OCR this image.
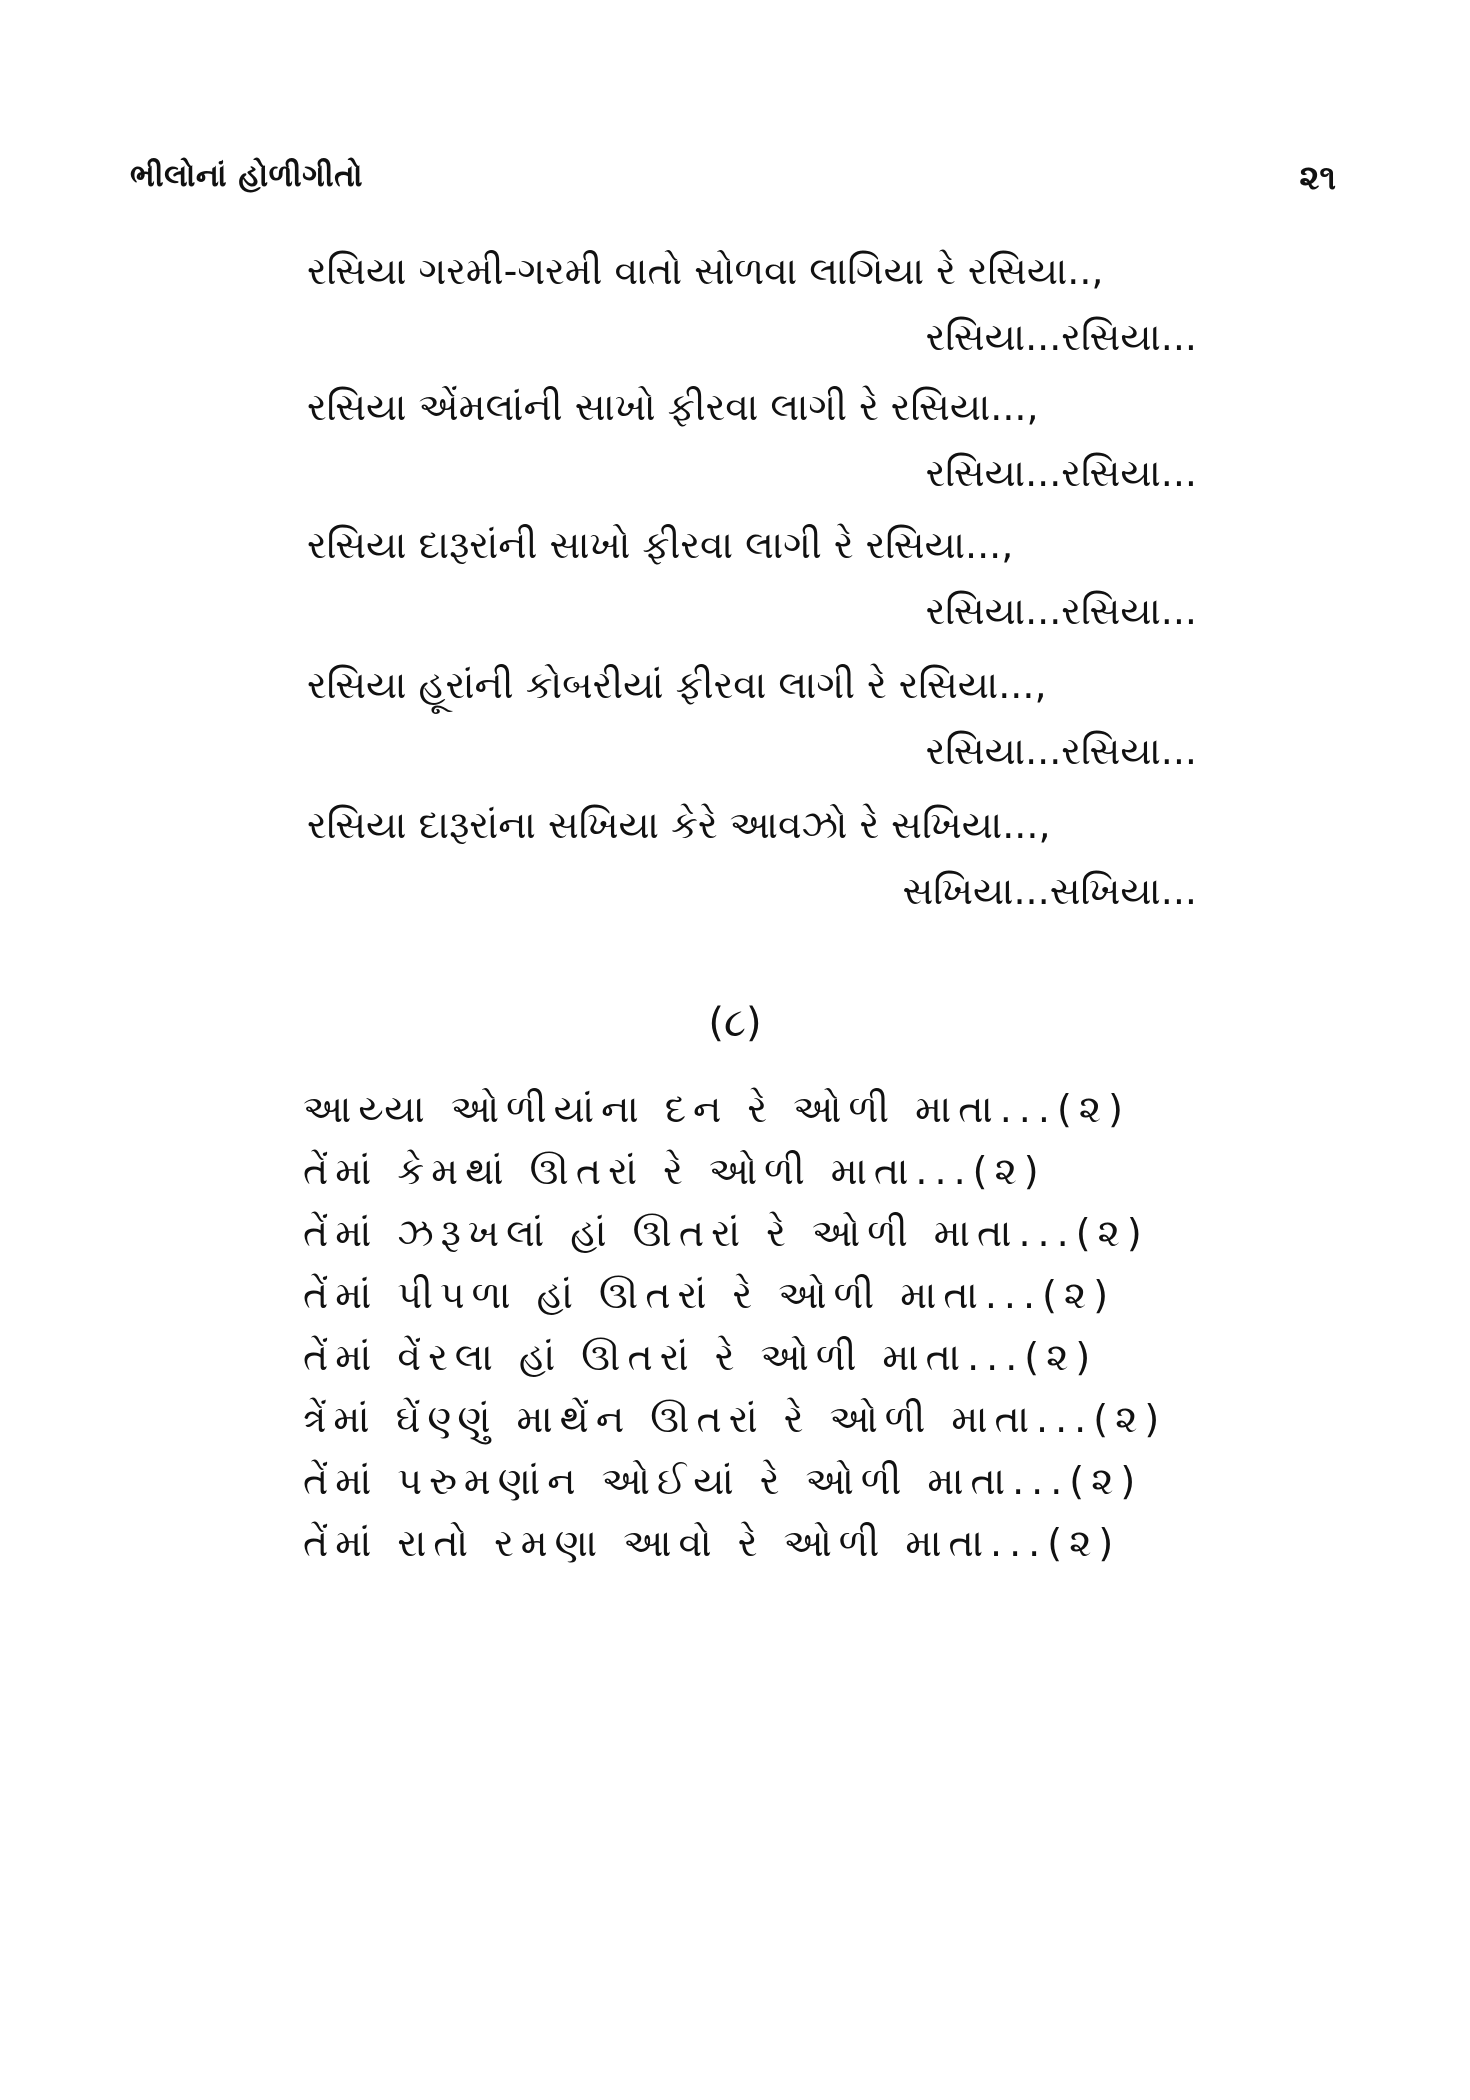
ભીલોનાં હોળીગીતો	૨૧
રસિયા ગરમી-ગરમી વાતો સોળવા લાગિયા રે રસિયા..,
રસિયા...રસિયા...
રસિયા એંમલાંની સાખો ફીરવા લાગી રે રસિયા...,
રસિયા...રસિયા...
રસિયા દારૂરાંની સાખો ફીરવા લાગી રે રસિયા...,
રસિયા...રસિયા...
રસિયા હૂરાંની કોબરીયાં ફીરવા લાગી રે રસિયા...,
રસિયા...રસિયા...
રસિયા દારૂરાંના સખિયા કેરે આવઝો રે સખિયા...,
સખિયા...સખિયા...
(૮)
આય્યા ઓળીયાંના દન રે ઓળી માતા...(૨)
તેંમાં કેમથાં ઊતરાં રે ઓળી માતા...(૨)
તેંમાં ઝરૂખલાં હાં ઊતરાં રે ઓળી માતા...(૨)
તેંમાં પીપળા હાં ઊતરાં રે ઓળી માતા...(૨)
તેંમાં વેંરલા હાં ઊતરાં રે ઓળી માતા...(૨)
ત્રેંમાં ઘેંણ્ણું માથેંન ઊતરાં રે ઓળી માતા...(૨)
તેંમાં પરુમણાંન ઓઈયાં રે ઓળી માતા...(૨)
તેંમાં રાતો રમણા આવો રે ઓળી માતા...(૨)
